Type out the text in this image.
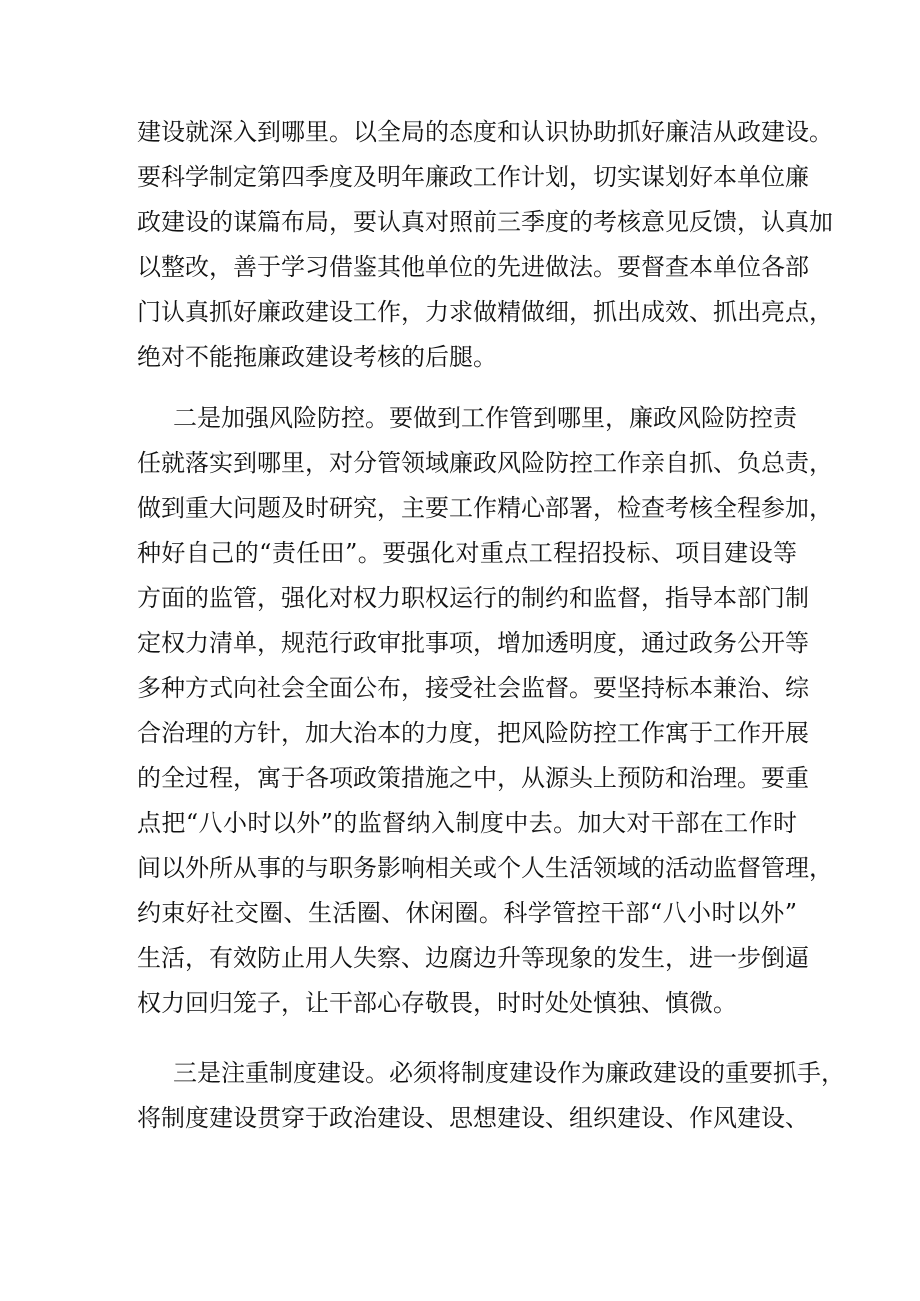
建设就深入到哪里。以全局的态度和认识协助抓好廉洁从政建设。
要科学制定第四季度及明年廉政工作计划，切实谋划好本单位廉
政建设的谋篇布局，要认真对照前三季度的考核意见反馈，认真加
以整改，善于学习借鉴其他单位的先进做法。要督查本单位各部
门认真抓好廉政建设工作，力求做精做细，抓出成效、抓出亮点，
绝对不能拖廉政建设考核的后腿。
二是加强风险防控。要做到工作管到哪里，廉政风险防控责
任就落实到哪里，对分管领域廉政风险防控工作亲自抓、负总责，
做到重大问题及时研究，主要工作精心部署，检查考核全程参加，
种好自己的“责任田”。要强化对重点工程招投标、项目建设等
方面的监管，强化对权力职权运行的制约和监督，指导本部门制
定权力清单，规范行政审批事项，增加透明度，通过政务公开等
多种方式向社会全面公布，接受社会监督。要坚持标本兼治、综
合治理的方针，加大治本的力度，把风险防控工作寓于工作开展
的全过程，寓于各项政策措施之中，从源头上预防和治理。要重
点把“八小时以外”的监督纳入制度中去。加大对干部在工作时
间以外所从事的与职务影响相关或个人生活领域的活动监督管理，
约束好社交圈、生活圈、休闲圈。科学管控干部“八小时以外”
生活，有效防止用人失察、边腐边升等现象的发生，进一步倒逼
权力回归笼子，让干部心存敬畏，时时处处慎独、慎微。
三是注重制度建设。必须将制度建设作为廉政建设的重要抓手，
将制度建设贯穿于政治建设、思想建设、组织建设、作风建设、
